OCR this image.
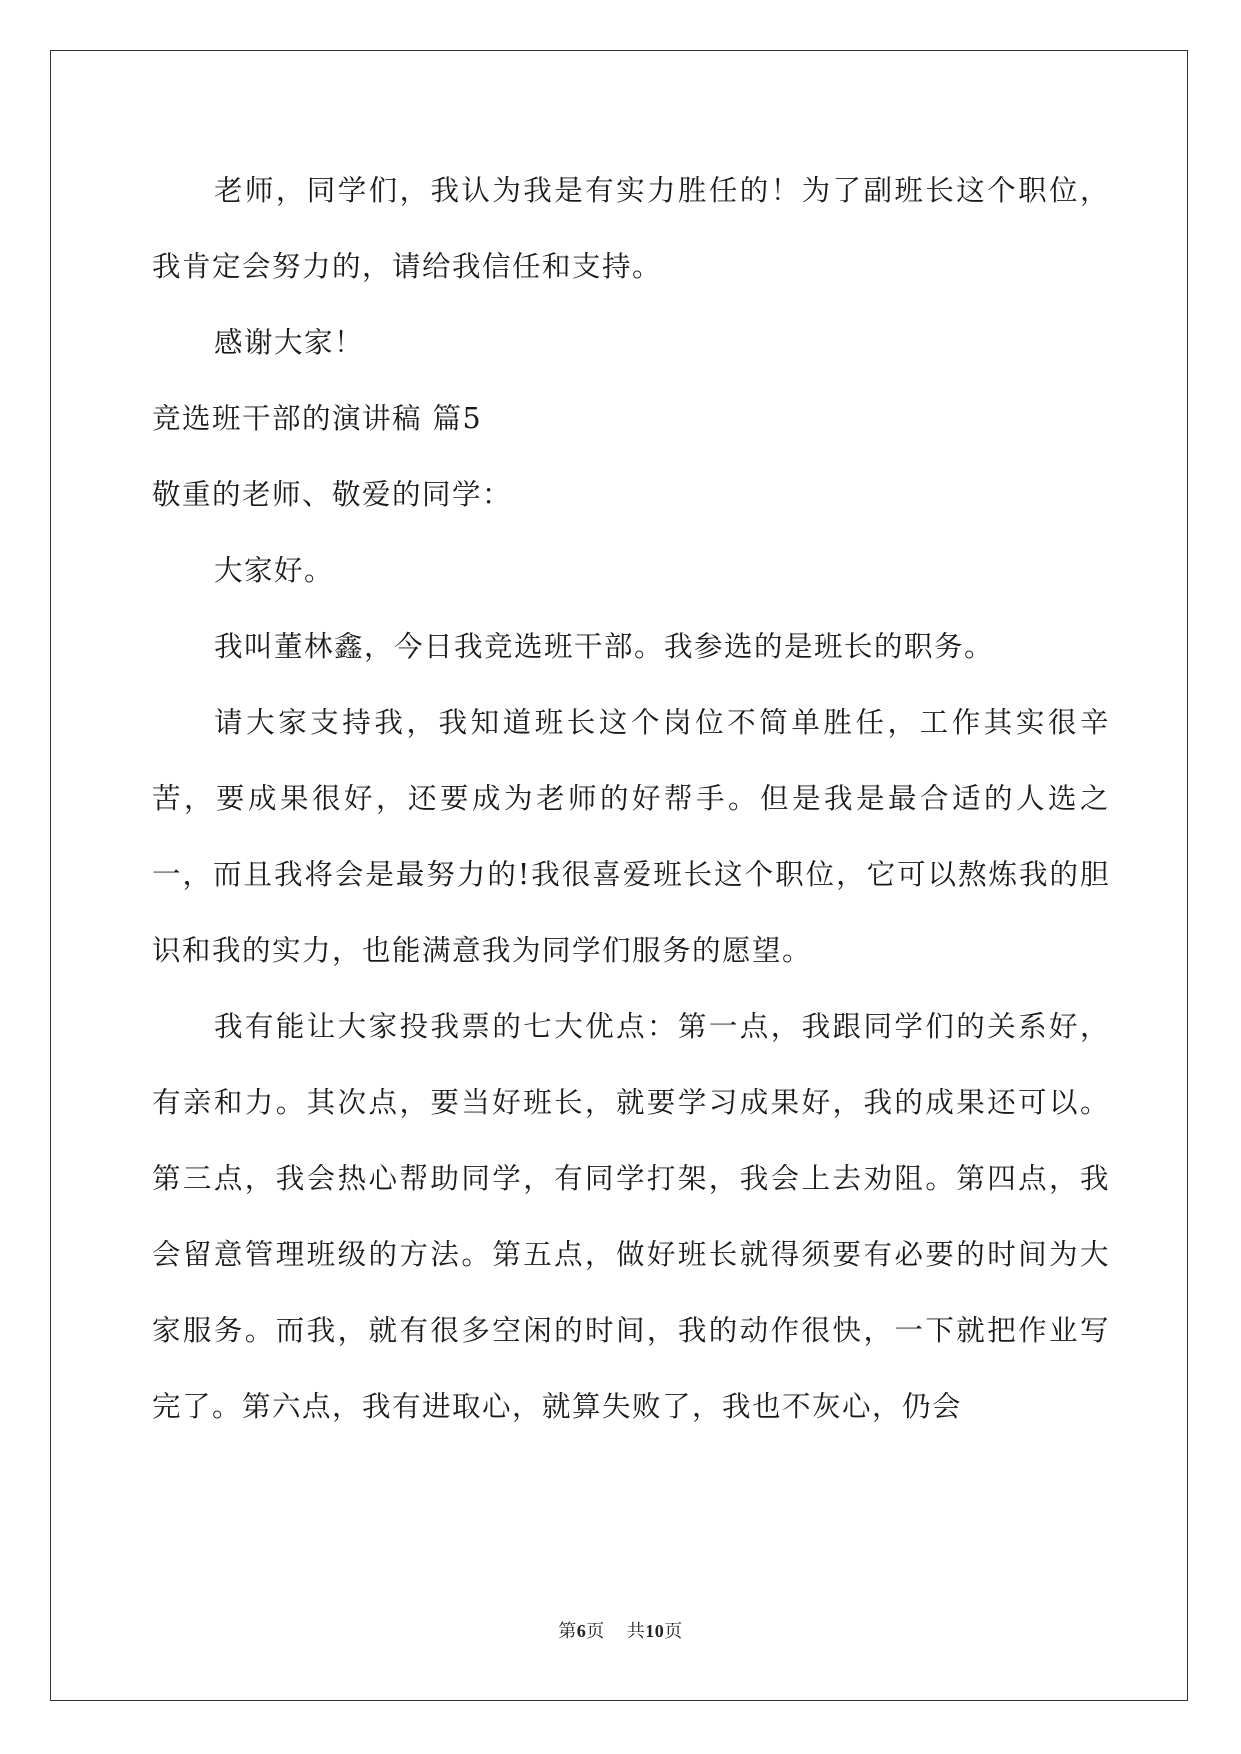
老师，同学们，我认为我是有实力胜任的！为了副班长这个职位，我肯定会努力的，请给我信任和支持。

感谢大家！

竞选班干部的演讲稿 篇5

敬重的老师、敬爱的同学：

大家好。

我叫董林鑫，今日我竞选班干部。我参选的是班长的职务。

请大家支持我，我知道班长这个岗位不简单胜任，工作其实很辛苦，要成果很好，还要成为老师的好帮手。但是我是最合适的人选之一，而且我将会是最努力的!我很喜爱班长这个职位，它可以熬炼我的胆识和我的实力，也能满意我为同学们服务的愿望。

我有能让大家投我票的七大优点：第一点，我跟同学们的关系好，有亲和力。其次点，要当好班长，就要学习成果好，我的成果还可以。第三点，我会热心帮助同学，有同学打架，我会上去劝阻。第四点，我会留意管理班级的方法。第五点，做好班长就得须要有必要的时间为大家服务。而我，就有很多空闲的时间，我的动作很快，一下就把作业写完了。第六点，我有进取心，就算失败了，我也不灰心，仍会

第6页 共10页
